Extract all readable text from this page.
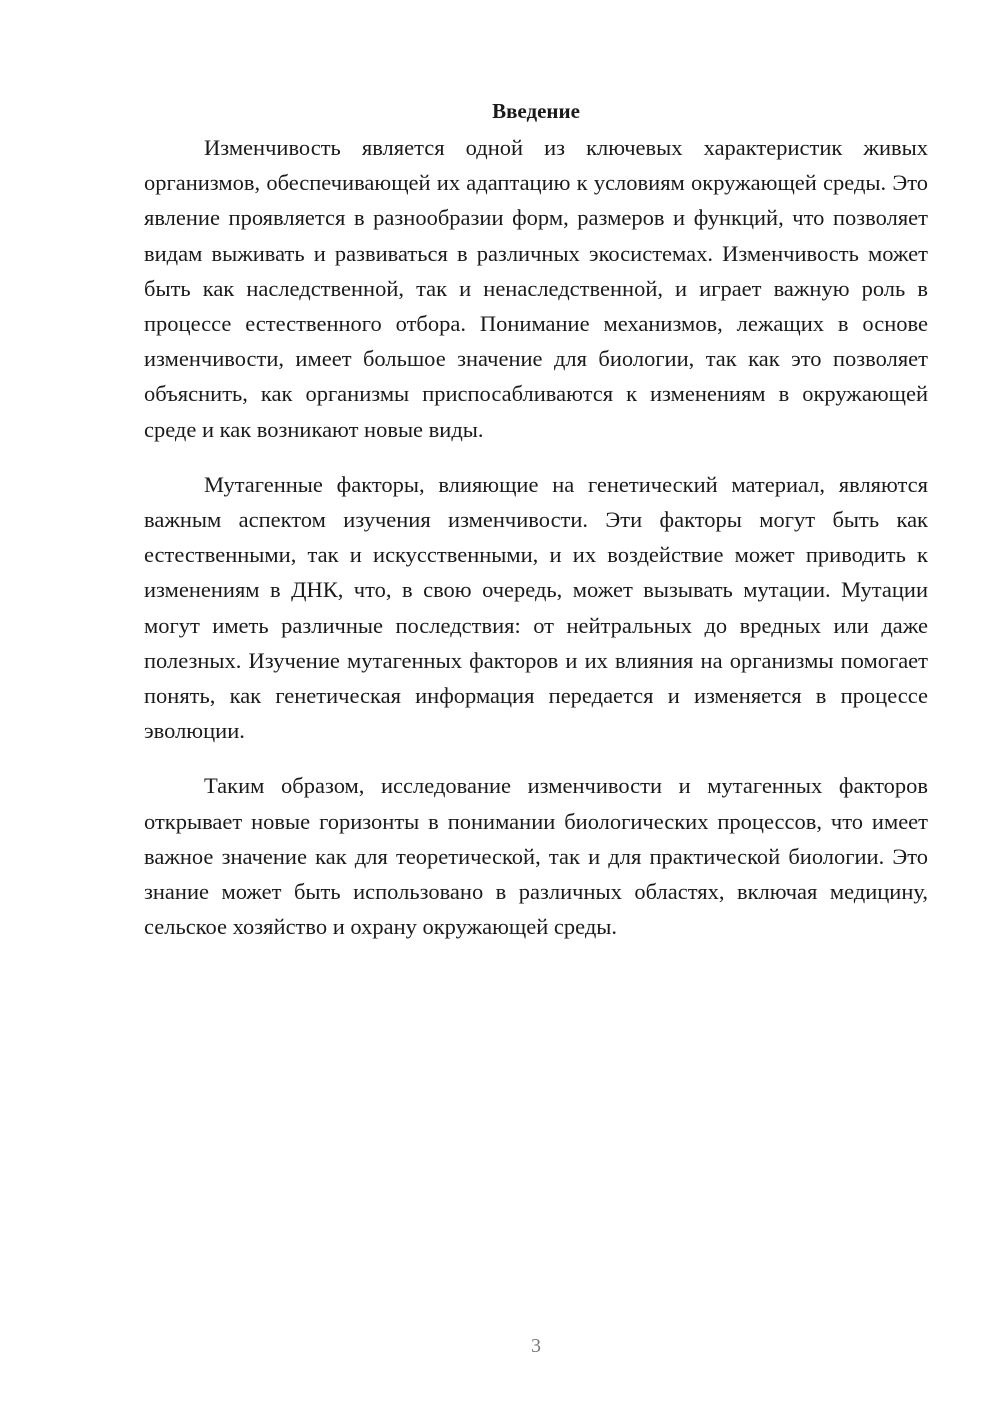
Введение

Изменчивость является одной из ключевых характеристик живых организмов, обеспечивающей их адаптацию к условиям окружающей среды. Это явление проявляется в разнообразии форм, размеров и функций, что позволяет видам выживать и развиваться в различных экосистемах. Изменчивость может быть как наследственной, так и ненаследственной, и играет важную роль в процессе естественного отбора. Понимание механизмов, лежащих в основе изменчивости, имеет большое значение для биологии, так как это позволяет объяснить, как организмы приспосабливаются к изменениям в окружающей среде и как возникают новые виды.

Мутагенные факторы, влияющие на генетический материал, являются важным аспектом изучения изменчивости. Эти факторы могут быть как естественными, так и искусственными, и их воздействие может приводить к изменениям в ДНК, что, в свою очередь, может вызывать мутации. Мутации могут иметь различные последствия: от нейтральных до вредных или даже полезных. Изучение мутагенных факторов и их влияния на организмы помогает понять, как генетическая информация передается и изменяется в процессе эволюции.

Таким образом, исследование изменчивости и мутагенных факторов открывает новые горизонты в понимании биологических процессов, что имеет важное значение как для теоретической, так и для практической биологии. Это знание может быть использовано в различных областях, включая медицину, сельское хозяйство и охрану окружающей среды.

3
